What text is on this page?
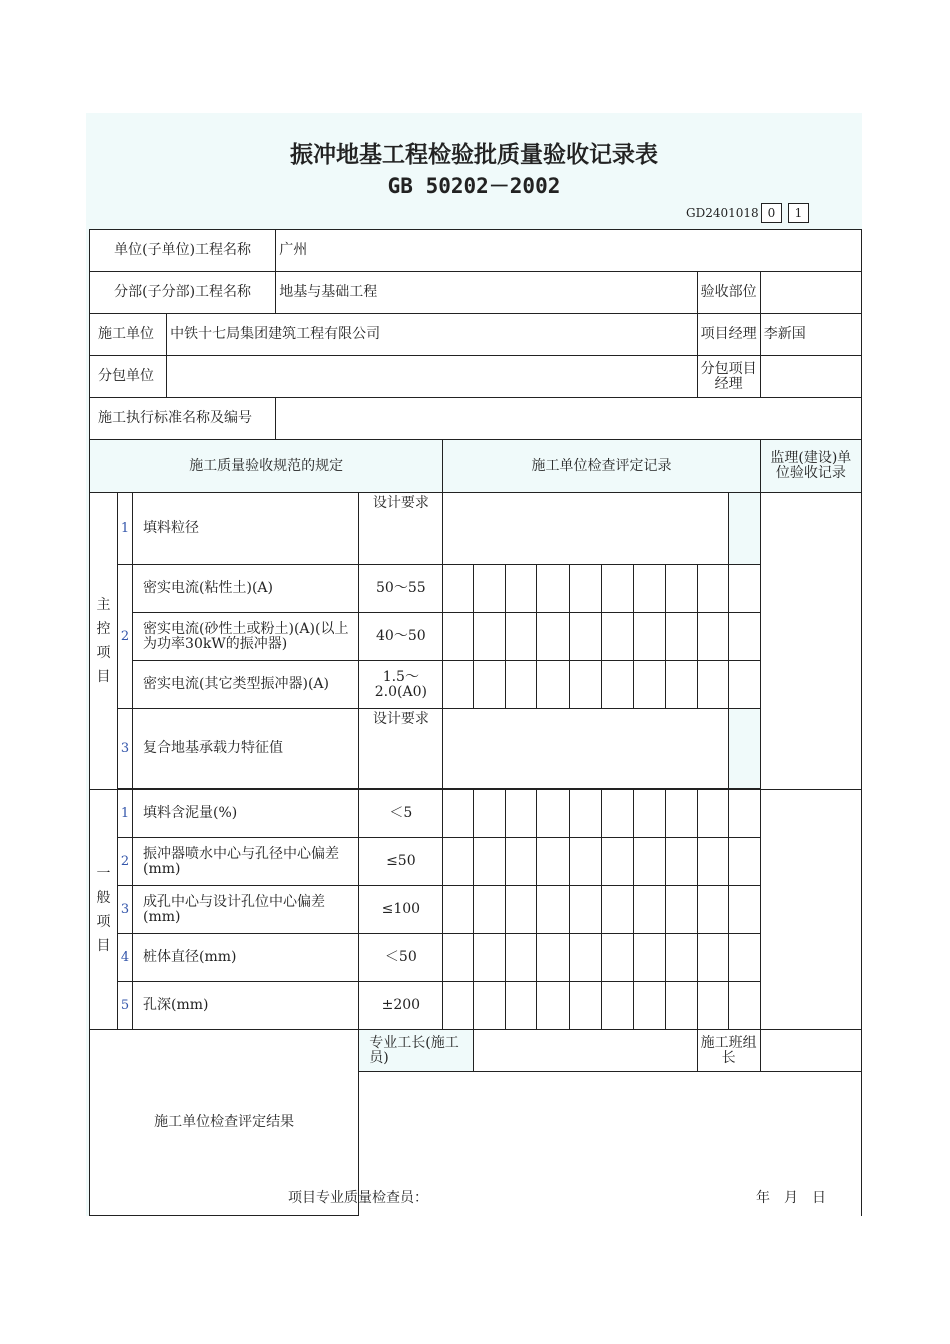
振冲地基工程检验批质量验收记录表
GB 50202－2002
GD2401018 0	1
单位(子单位)工程名称				广州												
分部(子分部)工程名称				地基与基础工程										验收部位		
施工单位			中铁十七局集团建筑工程有限公司											项目经理		李新国
分包单位														分包项目经理		
施工执行标准名称及编号																
施工质量验收规范的规定						施工单位检查评定记录										监理(建设)单位验收记录

主
控
项
目	1	填料粒径			设计要求											
	2	密实电流(粘性土)(A)			50～55											
		密实电流(砂性土或粉土)(A)(以上为功率30kW的振冲器)			40～50											
		密实电流(其它类型振冲器)(A)			1.5～2.0(A0)											
	3	复合地基承载力特征值			设计要求											

一
般
项
目	1	填料含泥量(%)			＜5											
	2	振冲器喷水中心与孔径中心偏差(mm)			≤50											
	3	成孔中心与设计孔位中心偏差(mm)			≤100											
	4	桩体直径(mm)			＜50											
	5	孔深(mm)			±200											
施工单位检查评定结果					专业工长(施工员)									施工班组长		

项目专业质量检查员：	年　月　日
